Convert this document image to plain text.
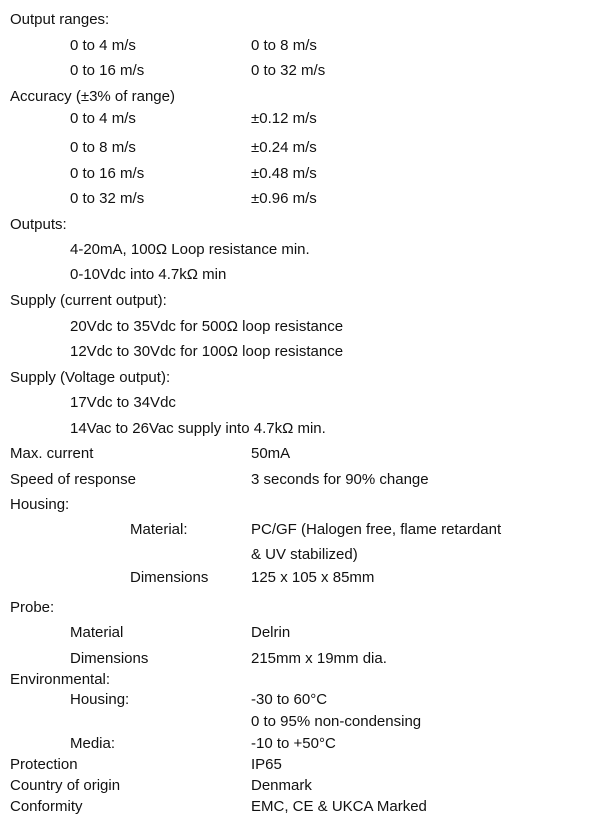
Output ranges:
0 to 4 m/s	0 to 8 m/s
0 to 16 m/s	0 to 32 m/s
Accuracy (±3% of range)
0 to 4 m/s	±0.12 m/s
0 to 8 m/s	±0.24 m/s
0 to 16 m/s	±0.48 m/s
0 to 32 m/s	±0.96 m/s
Outputs:
4-20mA, 100Ω Loop resistance min.
0-10Vdc into 4.7kΩ min
Supply (current output):
20Vdc to 35Vdc for 500Ω loop resistance
12Vdc to 30Vdc for 100Ω loop resistance
Supply (Voltage output):
17Vdc to 34Vdc
14Vac to 26Vac supply into 4.7kΩ min.
Max. current	50mA
Speed of response	3 seconds for 90% change
Housing:
Material:	PC/GF (Halogen free, flame retardant
& UV stabilized)
Dimensions	125 x 105 x 85mm
Probe:
Material	Delrin
Dimensions	215mm x 19mm dia.
Environmental:
Housing:	-30 to 60°C
0 to 95% non-condensing
Media:	-10 to +50°C
Protection	IP65
Country of origin	Denmark
Conformity	EMC, CE & UKCA Marked
